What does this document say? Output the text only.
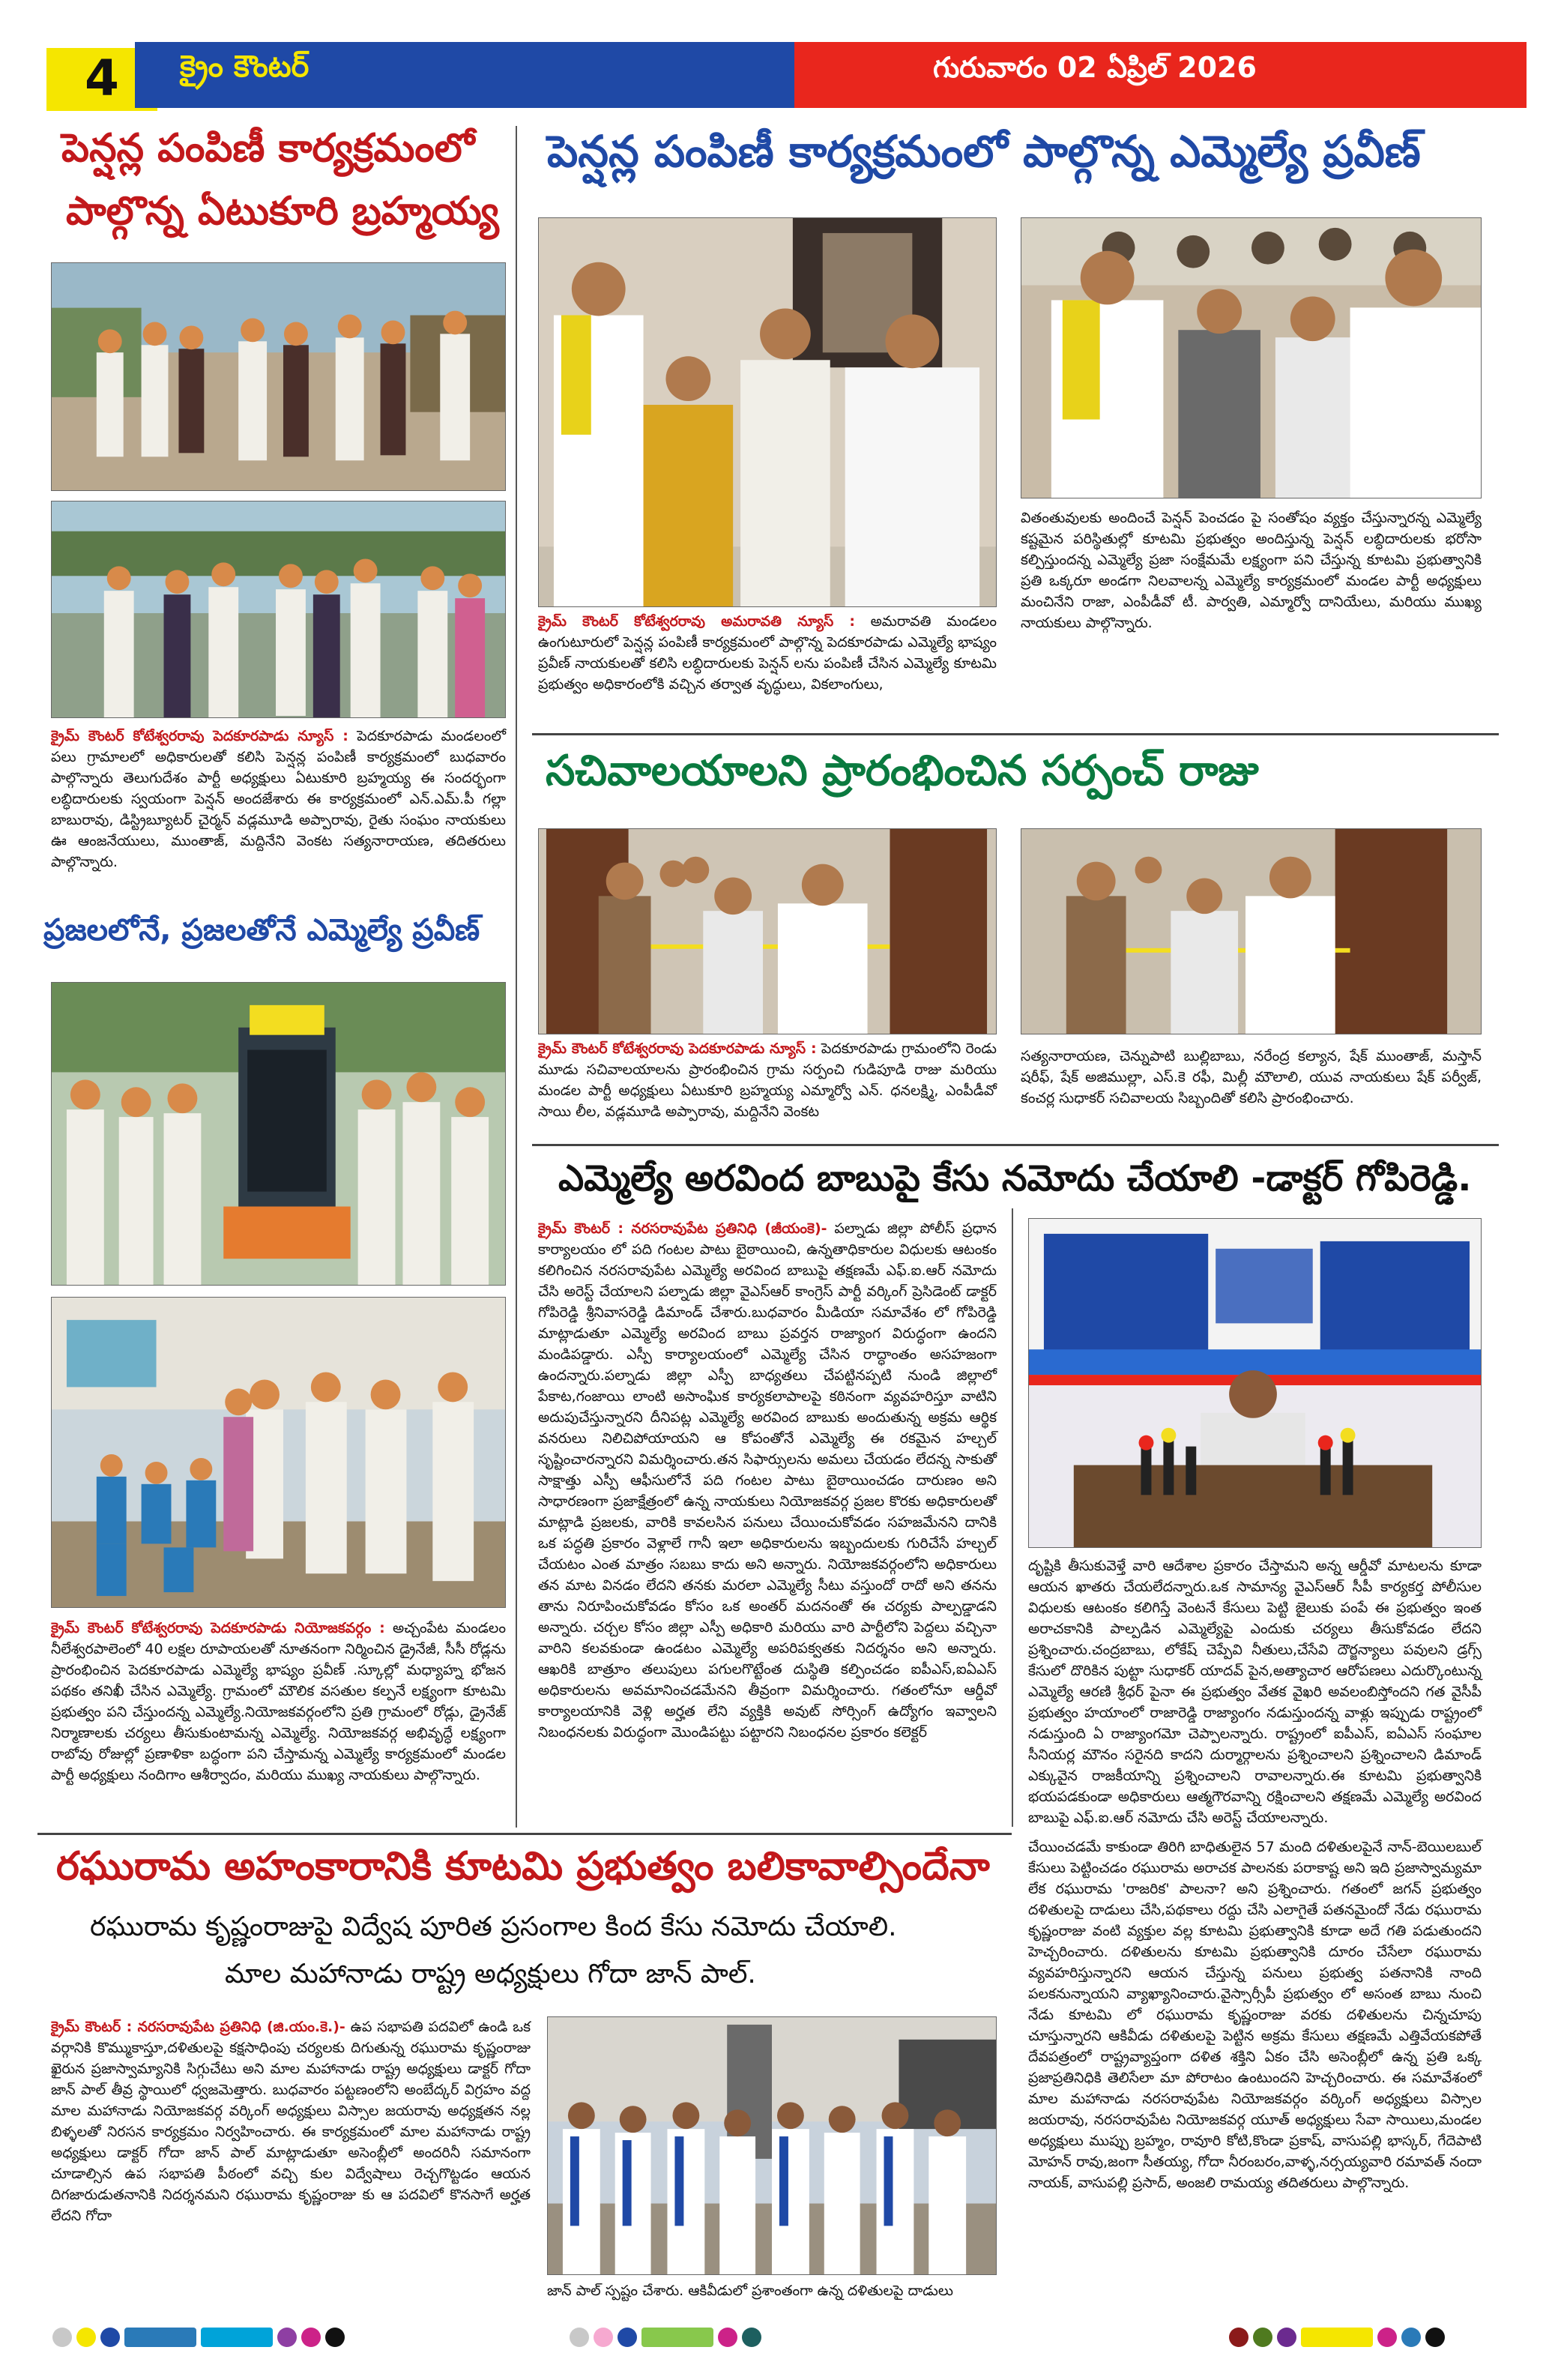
4	క్రైం కౌంటర్	గురువారం 02 ఏప్రిల్ 2026
పెన్షన్ల పంపిణీ కార్యక్రమంలో
పాల్గొన్న ఏటుకూరి బ్రహ్మయ్య
క్రైమ్ కౌంటర్ కోటేశ్వరరావు పెదకూరపాడు న్యూస్ : పెదకూరపాడు మండలంలో పలు గ్రామాలలో అధికారులతో కలిసి పెన్షన్ల పంపిణీ కార్యక్రమంలో బుధవారం పాల్గొన్నారు తెలుగుదేశం పార్టీ అధ్యక్షులు ఏటుకూరి బ్రహ్మయ్య ఈ సందర్భంగా లబ్ధిదారులకు స్వయంగా పెన్షన్ అందజేశారు ఈ కార్యక్రమంలో ఎన్.ఎమ్.పీ గల్లా బాబురావు, డిస్ట్రిబ్యూటర్ చైర్మన్ వడ్లమూడి అప్పారావు, రైతు సంఘం నాయకులు ఊ ఆంజనేయులు, ముంతాజ్, మద్దినేని వెంకట సత్యనారాయణ, తదితరులు పాల్గొన్నారు.
ప్రజలలోనే, ప్రజలతోనే ఎమ్మెల్యే ప్రవీణ్
క్రైమ్ కౌంటర్ కోటేశ్వరరావు పెదకూరపాడు నియోజకవర్గం : అచ్చంపేట మండలం నీలేశ్వరపాలెంలో 40 లక్షల రూపాయలతో నూతనంగా నిర్మించిన డ్రైనేజీ, సీసీ రోడ్లను ప్రారంభించిన పెదకూరపాడు ఎమ్మెల్యే భాష్యం ప్రవీణ్ .స్కూల్లో మధ్యాహ్న భోజన పథకం తనిఖీ చేసిన ఎమ్మెల్యే. గ్రామంలో మౌలిక వసతుల కల్పనే లక్ష్యంగా కూటమి ప్రభుత్వం పని చేస్తుందన్న ఎమ్మెల్యే.నియోజకవర్గంలోని ప్రతి గ్రామంలో రోడ్లు, డ్రైనేజ్ నిర్మాణాలకు చర్యలు తీసుకుంటామన్న ఎమ్మెల్యే. నియోజకవర్గ అభివృద్ధే లక్ష్యంగా రాబోవు రోజుల్లో ప్రణాళికా బద్ధంగా పని చేస్తామన్న ఎమ్మెల్యే కార్యక్రమంలో మండల పార్టీ అధ్యక్షులు నందిగాం ఆశీర్వాదం, మరియు ముఖ్య నాయకులు పాల్గొన్నారు.
పెన్షన్ల పంపిణీ కార్యక్రమంలో పాల్గొన్న ఎమ్మెల్యే ప్రవీణ్
క్రైమ్ కౌంటర్ కోటేశ్వరరావు అమరావతి న్యూస్ : అమరావతి మండలం ఉంగుటూరులో పెన్షన్ల పంపిణీ కార్యక్రమంలో పాల్గొన్న పెదకూరపాడు ఎమ్మెల్యే భాష్యం ప్రవీణ్ నాయకులతో కలిసి లబ్ధిదారులకు పెన్షన్ లను పంపిణీ చేసిన ఎమ్మెల్యే కూటమి ప్రభుత్వం అధికారంలోకి వచ్చిన తర్వాత వృద్ధులు, వికలాంగులు,
వితంతువులకు అందించే పెన్షన్ పెంచడం పై సంతోషం వ్యక్తం చేస్తున్నారన్న ఎమ్మెల్యే కష్టమైన పరిస్థితుల్లో కూటమి ప్రభుత్వం అందిస్తున్న పెన్షన్ లబ్ధిదారులకు భరోసా కల్పిస్తుందన్న ఎమ్మెల్యే ప్రజా సంక్షేమమే లక్ష్యంగా పని చేస్తున్న కూటమి ప్రభుత్వానికి ప్రతి ఒక్కరూ అండగా నిలవాలన్న ఎమ్మెల్యే కార్యక్రమంలో మండల పార్టీ అధ్యక్షులు మంచినేని రాజా, ఎంపీడీవో టీ. పార్వతి, ఎమ్మార్వో దానియేలు, మరియు ముఖ్య నాయకులు పాల్గొన్నారు.
సచివాలయాలని ప్రారంభించిన సర్పంచ్ రాజు
క్రైమ్ కౌంటర్ కోటేశ్వరరావు పెదకూరపాడు న్యూస్ : పెదకూరపాడు గ్రామంలోని రెండు మూడు సచివాలయాలను ప్రారంభించిన గ్రామ సర్పంచి గుడిపూడి రాజు మరియు మండల పార్టీ అధ్యక్షులు ఏటుకూరి బ్రహ్మయ్య ఎమ్మార్వో ఎన్. ధనలక్ష్మి, ఎంపీడీవో సాయి లీల, వడ్లమూడి అప్పారావు, మద్దినేని వెంకట
సత్యనారాయణ, చెన్నుపాటి బుల్లిబాబు, నరేంద్ర కల్యాన, షేక్ ముంతాజ్, మస్తాన్ షరీఫ్, షేక్ అజిముల్లా, ఎస్.కె రఫీ, మిల్లీ మౌలాలి, యువ నాయకులు షేక్ పర్వీజ్, కంచర్ల సుధాకర్ సచివాలయ సిబ్బందితో కలిసి ప్రారంభించారు.
ఎమ్మెల్యే అరవింద బాబుపై కేసు నమోదు చేయాలి -డాక్టర్ గోపిరెడ్డి.
క్రైమ్ కౌంటర్ : నరసరావుపేట ప్రతినిధి (జీయంకె)- పల్నాడు జిల్లా పోలీస్ ప్రధాన కార్యాలయం లో పది గంటల పాటు బైఠాయించి, ఉన్నతాధికారుల విధులకు ఆటంకం కలిగించిన నరసరావుపేట ఎమ్మెల్యే అరవింద బాబుపై తక్షణమే ఎఫ్.ఐ.ఆర్ నమోదు చేసి అరెస్ట్ చేయాలని పల్నాడు జిల్లా వైఎస్ఆర్ కాంగ్రెస్ పార్టీ వర్కింగ్ ప్రెసిడెంట్ డాక్టర్ గోపిరెడ్డి శ్రీనివాసరెడ్డి డిమాండ్ చేశారు.బుధవారం మీడియా సమావేశం లో గోపిరెడ్డి మాట్లాడుతూ ఎమ్మెల్యే అరవింద బాబు ప్రవర్తన రాజ్యాంగ విరుద్ధంగా ఉందని మండిపడ్డారు. ఎస్పీ కార్యాలయంలో ఎమ్మెల్యే చేసిన రాద్ధాంతం అసహజంగా ఉందన్నారు.పల్నాడు జిల్లా ఎస్పీ బాధ్యతలు చేపట్టినప్పటి నుండి జిల్లాలో పేకాట,గంజాయి లాంటి అసాంఘిక కార్యకలాపాలపై కఠినంగా వ్యవహరిస్తూ వాటిని అదుపుచేస్తున్నారని దీనిపట్ల ఎమ్మెల్యే అరవింద బాబుకు అందుతున్న అక్రమ ఆర్థిక వనరులు నిలిచిపోయాయని ఆ కోపంతోనే ఎమ్మెల్యే ఈ రకమైన హల్చల్ సృష్టించారన్నారని విమర్శించారు.తన సిఫార్సులను అమలు చేయడం లేదన్న సాకుతో సాక్షాత్తు ఎస్పీ ఆఫీసులోనే పది గంటల పాటు బైఠాయించడం దారుణం అని సాధారణంగా ప్రజాక్షేత్రంలో ఉన్న నాయకులు నియోజకవర్గ ప్రజల కొరకు అధికారులతో మాట్లాడి ప్రజలకు, వారికి కావలసిన పనులు చేయించుకోవడం సహజమేనని దానికి ఒక పద్ధతి ప్రకారం వెళ్లాలే గానీ ఇలా అధికారులను ఇబ్బందులకు గురిచేసే హల్చల్ చేయటం ఎంత మాత్రం సబబు కాదు అని అన్నారు. నియోజకవర్గంలోని అధికారులు తన మాట వినడం లేదని తనకు మరలా ఎమ్మెల్యే సీటు వస్తుందో రాదో అని తనను తాను నిరూపించుకోవడం కోసం ఒక అంతర్ మదనంతో ఈ చర్యకు పాల్పడ్డాడని అన్నారు. చర్చల కోసం జిల్లా ఎస్పీ అధికారి మరియు వారి పార్టీలోని పెద్దలు వచ్చినా వారిని కలవకుండా ఉండటం ఎమ్మెల్యే అపరిపక్వతకు నిదర్శనం అని అన్నారు. ఆఖరికి బాత్రూం తలుపులు పగులగొట్టేంత దుస్థితి కల్పించడం ఐపీఎస్,ఐఏఎస్ అధికారులను అవమానించడమేనని తీవ్రంగా విమర్శించారు. గతంలోనూ ఆర్డీవో కార్యాలయానికి వెళ్లి అర్హత లేని వ్యక్తికి అవుట్ సోర్సింగ్ ఉద్యోగం ఇవ్వాలని నిబంధనలకు విరుద్ధంగా మొండిపట్టు పట్టారని నిబంధనల ప్రకారం కలెక్టర్
దృష్టికి తీసుకువెళ్తే వారి ఆదేశాల ప్రకారం చేస్తామని అన్న ఆర్డీవో మాటలను కూడా ఆయన ఖాతరు చేయలేదన్నారు.ఒక సామాన్య వైఎస్ఆర్ సీపీ కార్యకర్త పోలీసుల విధులకు ఆటంకం కలిగిస్తే వెంటనే కేసులు పెట్టి జైలుకు పంపే ఈ ప్రభుత్వం ఇంత అరాచకానికి పాల్పడిన ఎమ్మెల్యేపై ఎందుకు చర్యలు తీసుకోవడం లేదని ప్రశ్నించారు.చంద్రబాబు, లోకేష్ చెప్పేవి నీతులు,చేసేవి దౌర్జన్యాలు పవులని డ్రగ్స్ కేసులో దొరికిన పుట్టా సుధాకర్ యాదవ్ పైన,అత్యాచార ఆరోపణలు ఎదుర్కొంటున్న ఎమ్మెల్యే ఆరణి శ్రీధర్ పైనా ఈ ప్రభుత్వం వేతక వైఖరి అవలంబిస్తోందని గత వైసీపీ ప్రభుత్వం హయాంలో రాజారెడ్డి రాజ్యాంగం నడుస్తుందన్న వాళ్లు ఇప్పుడు రాష్ట్రంలో నడుస్తుంది ఏ రాజ్యాంగమో చెప్పాలన్నారు. రాష్ట్రంలో ఐపీఎస్, ఐఏఎస్ సంఘాల సీనియర్ల మౌనం సరైనది కాదని దుర్మార్గాలను ప్రశ్నించాలని ప్రశ్నించాలని డిమాండ్ ఎక్కువైన రాజకీయాన్ని ప్రశ్నించాలని రావాలన్నారు.ఈ కూటమి ప్రభుత్వానికి భయపడకుండా అధికారులు ఆత్మగౌరవాన్ని రక్షించాలని తక్షణమే ఎమ్మెల్యే అరవింద బాబుపై ఎఫ్.ఐ.ఆర్ నమోదు చేసి అరెస్ట్ చేయాలన్నారు.
రఘురామ అహంకారానికి కూటమి ప్రభుత్వం బలికావాల్సిందేనా
రఘురామ కృష్ణంరాజుపై విద్వేష పూరిత ప్రసంగాల కింద కేసు నమోదు చేయాలి.
మాల మహానాడు రాష్ట్ర అధ్యక్షులు గోదా జాన్ పాల్.
క్రైమ్ కౌంటర్ : నరసరావుపేట ప్రతినిధి (జి.యం.కె.)- ఉప సభాపతి పదవిలో ఉండి ఒక వర్గానికి కొమ్ముకాస్తూ,దళితులపై కక్షసాధింపు చర్యలకు దిగుతున్న రఘురామ కృష్ణంరాజు ఖైరున ప్రజాస్వామ్యానికి సిగ్గుచేటు అని మాల మహానాడు రాష్ట్ర అధ్యక్షులు డాక్టర్ గోదా జాన్ పాల్ తీవ్ర స్థాయిలో ధ్వజమెత్తారు. బుధవారం పట్టణంలోని అంబేద్కర్ విగ్రహం వద్ద మాల మహానాడు నియోజకవర్గ వర్కింగ్ అధ్యక్షులు విస్సాల జయరావు అధ్యక్షతన నల్ల బిళ్ళలతో నిరసన కార్యక్రమం నిర్వహించారు. ఈ కార్యక్రమంలో మాల మహానాడు రాష్ట్ర అధ్యక్షులు డాక్టర్ గోదా జాన్ పాల్ మాట్లాడుతూ అసెంబ్లీలో అందరినీ సమానంగా చూడాల్సిన ఉప సభాపతి పీఠంలో వచ్చి కుల విద్వేషాలు రెచ్చగొట్టడం ఆయన దిగజారుడుతనానికి నిదర్శనమని రఘురామ కృష్ణంరాజు కు ఆ పదవిలో కొనసాగే అర్హత లేదని గోదా
జాన్ పాల్ స్పష్టం చేశారు. ఆకివీడులో ప్రశాంతంగా ఉన్న దళితులపై దాడులు
చేయించడమే కాకుండా తిరిగి బాధితులైన 57 మంది దళితులపైనే నాన్-బెయిలబుల్ కేసులు పెట్టించడం రఘురామ అరాచక పాలనకు పరాకాష్ట అని ఇది ప్రజాస్వామ్యమా లేక రఘురామ 'రాజరిక' పాలనా? అని ప్రశ్నించారు. గతంలో జగన్ ప్రభుత్వం దళితులపై దాడులు చేసి,పథకాలు రద్దు చేసి ఎలాగైతే పతనమైందో నేడు రఘురామ కృష్ణంరాజు వంటి వ్యక్తుల వల్ల కూటమి ప్రభుత్వానికి కూడా అదే గతి పడుతుందని హెచ్చరించారు. దళితులను కూటమి ప్రభుత్వానికి దూరం చేసేలా రఘురామ వ్యవహరిస్తున్నారని ఆయన చేస్తున్న పనులు ప్రభుత్వ పతనానికి నాంది పలకనున్నాయని వ్యాఖ్యానించారు.వైస్సార్సీపీ ప్రభుత్వం లో అసంత బాబు నుంచి నేడు కూటమి లో రఘురామ కృష్ణంరాజు వరకు దళితులను చిన్నచూపు చూస్తున్నారని ఆకివీడు దళితులపై పెట్టిన అక్రమ కేసులు తక్షణమే ఎత్తివేయకపోతే దేవపత్రంలో రాష్ట్రవ్యాప్తంగా దళిత శక్తిని ఏకం చేసి అసెంబ్లీలో ఉన్న ప్రతి ఒక్క ప్రజాప్రతినిధికి తెలిసేలా మా పోరాటం ఉంటుందని హెచ్చరించారు. ఈ సమావేశంలో మాల మహానాడు నరసరావుపేట నియోజకవర్గం వర్కింగ్ అధ్యక్షులు విస్సాల జయరావు, నరసరావుపేట నియోజకవర్గ యూత్ అధ్యక్షులు సేవా సాయిలు,మండల అధ్యక్షులు ముప్పు బ్రహ్మం, రావూరి కోటి,కొండా ప్రకాష్, వాసుపల్లి భాస్కర్, గేదెపాటి మోహన్ రావు,జంగా సీతయ్య, గోదా నీరంబరం,వాళ్ళ,నర్సయ్యవారి రమావత్ నందా నాయక్, వాసుపల్లి ప్రసాద్, అంజలి రామయ్య తదితరులు పాల్గొన్నారు.
